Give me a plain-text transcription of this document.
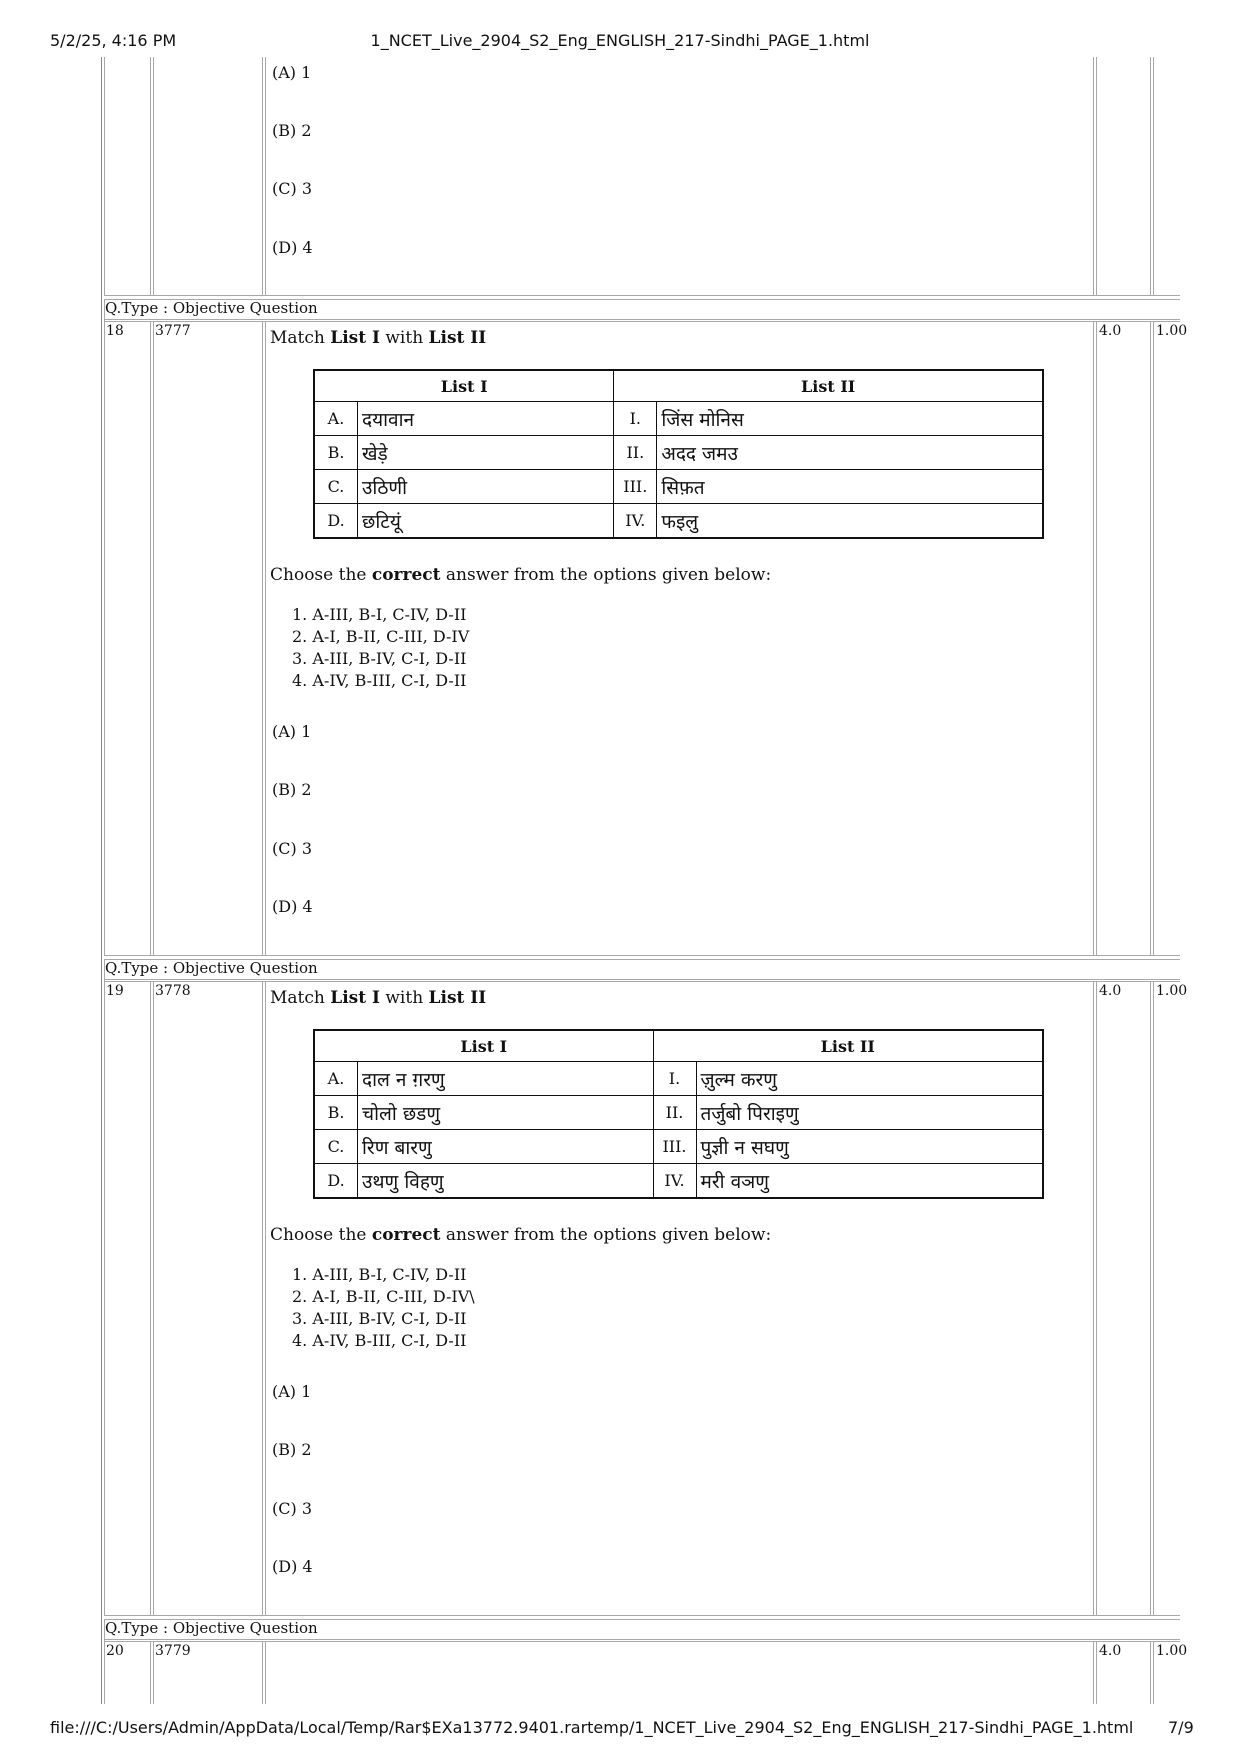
5/2/25, 4:16 PM	1_NCET_Live_2904_S2_Eng_ENGLISH_217-Sindhi_PAGE_1.html
(A) 1
(B) 2
(C) 3
(D) 4
Q.Type : Objective Question
18 3777	4.0 1.00
Match List I with List II
List I		List II	
A.	दयावान	I.	जिंस मोनिस
B.	खेड़े	II.	अदद जमउ
C.	उठिणी	III.	सिफ़त
D.	छटियूं	IV.	फइलु
Choose the correct answer from the options given below:
1. A-III, B-I, C-IV, D-II
2. A-I, B-II, C-III, D-IV
3. A-III, B-IV, C-I, D-II
4. A-IV, B-III, C-I, D-II
(A) 1
(B) 2
(C) 3
(D) 4
Q.Type : Objective Question
19 3778	4.0 1.00
Match List I with List II
List I		List II	
A.	दाल न ग़रणु	I.	ज़ुल्म करणु
B.	चोलो छडणु	II.	तर्जुबो पिराइणु
C.	रिण बारणु	III.	पुज्ञी न सघणु
D.	उथणु विहणु	IV.	मरी वञणु
Choose the correct answer from the options given below:
1. A-III, B-I, C-IV, D-II
2. A-I, B-II, C-III, D-IV\
3. A-III, B-IV, C-I, D-II
4. A-IV, B-III, C-I, D-II
(A) 1
(B) 2
(C) 3
(D) 4
Q.Type : Objective Question
20 3779	4.0 1.00
file:///C:/Users/Admin/AppData/Local/Temp/Rar$EXa13772.9401.rartemp/1_NCET_Live_2904_S2_Eng_ENGLISH_217-Sindhi_PAGE_1.html 7/9
